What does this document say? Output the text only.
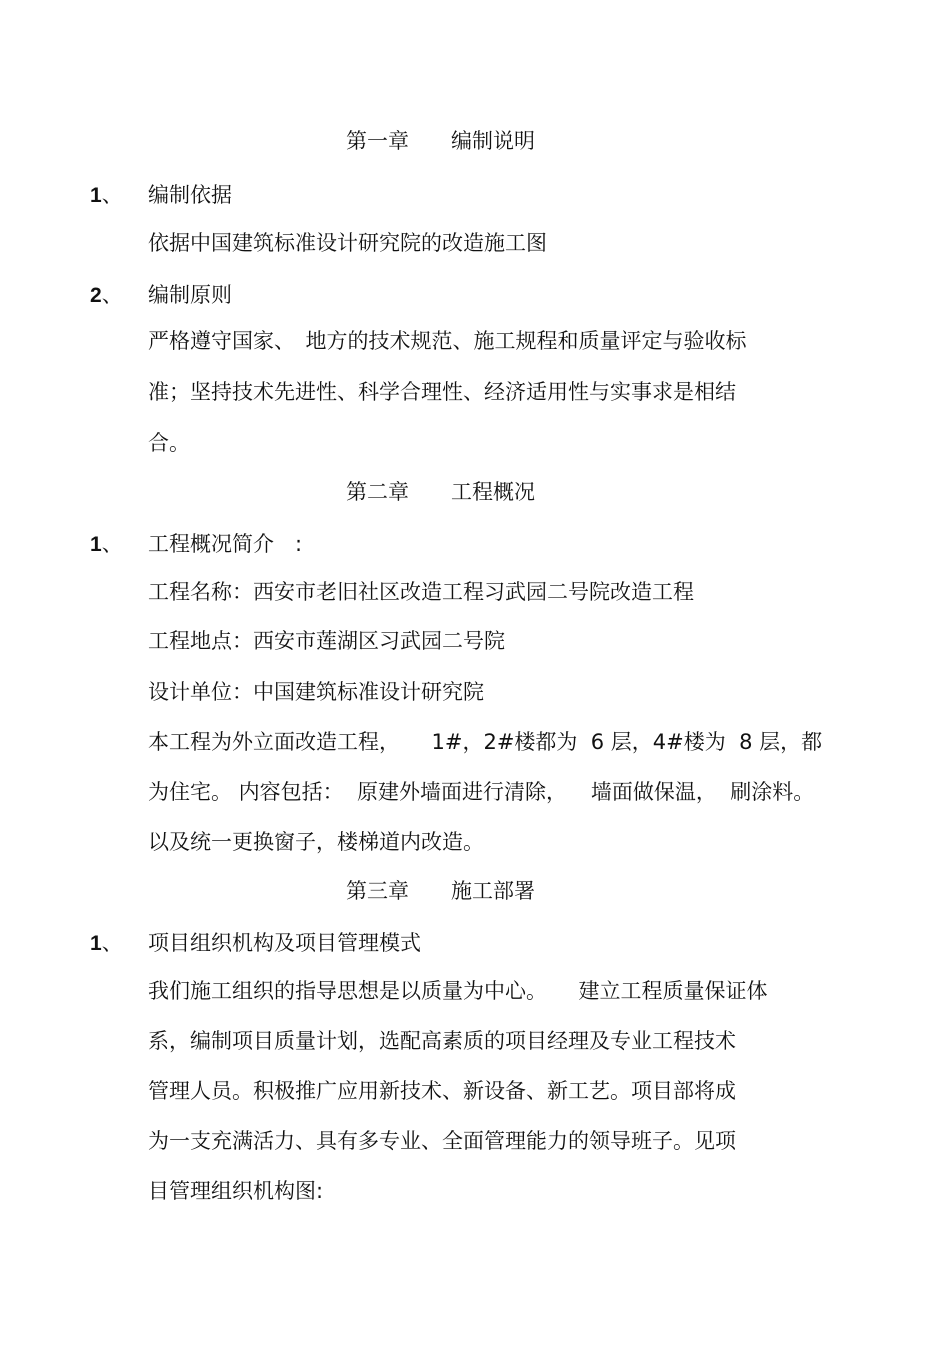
第一章　　编制说明
1、 编制依据
依据中国建筑标准设计研究院的改造施工图
2、 编制原则
严格遵守国家、　地方的技术规范、施工规程和质量评定与验收标
准；坚持技术先进性、科学合理性、经济适用性与实事求是相结
合。
第二章　　工程概况
1、 工程概况简介　:
工程名称：西安市老旧社区改造工程习武园二号院改造工程
工程地点：西安市莲湖区习武园二号院
设计单位：中国建筑标准设计研究院
本工程为外立面改造工程，　　1#，2#楼都为  6 层，4#楼为  8 层，都
为住宅。 内容包括：  原建外墙面进行清除，　  墙面做保温，  刷涂料。
以及统一更换窗子，楼梯道内改造。
第三章　　施工部署
1、 项目组织机构及项目管理模式
我们施工组织的指导思想是以质量为中心。　　建立工程质量保证体
系，编制项目质量计划，选配高素质的项目经理及专业工程技术
管理人员。积极推广应用新技术、新设备、新工艺。项目部将成
为一支充满活力、具有多专业、全面管理能力的领导班子。见项
目管理组织机构图:
